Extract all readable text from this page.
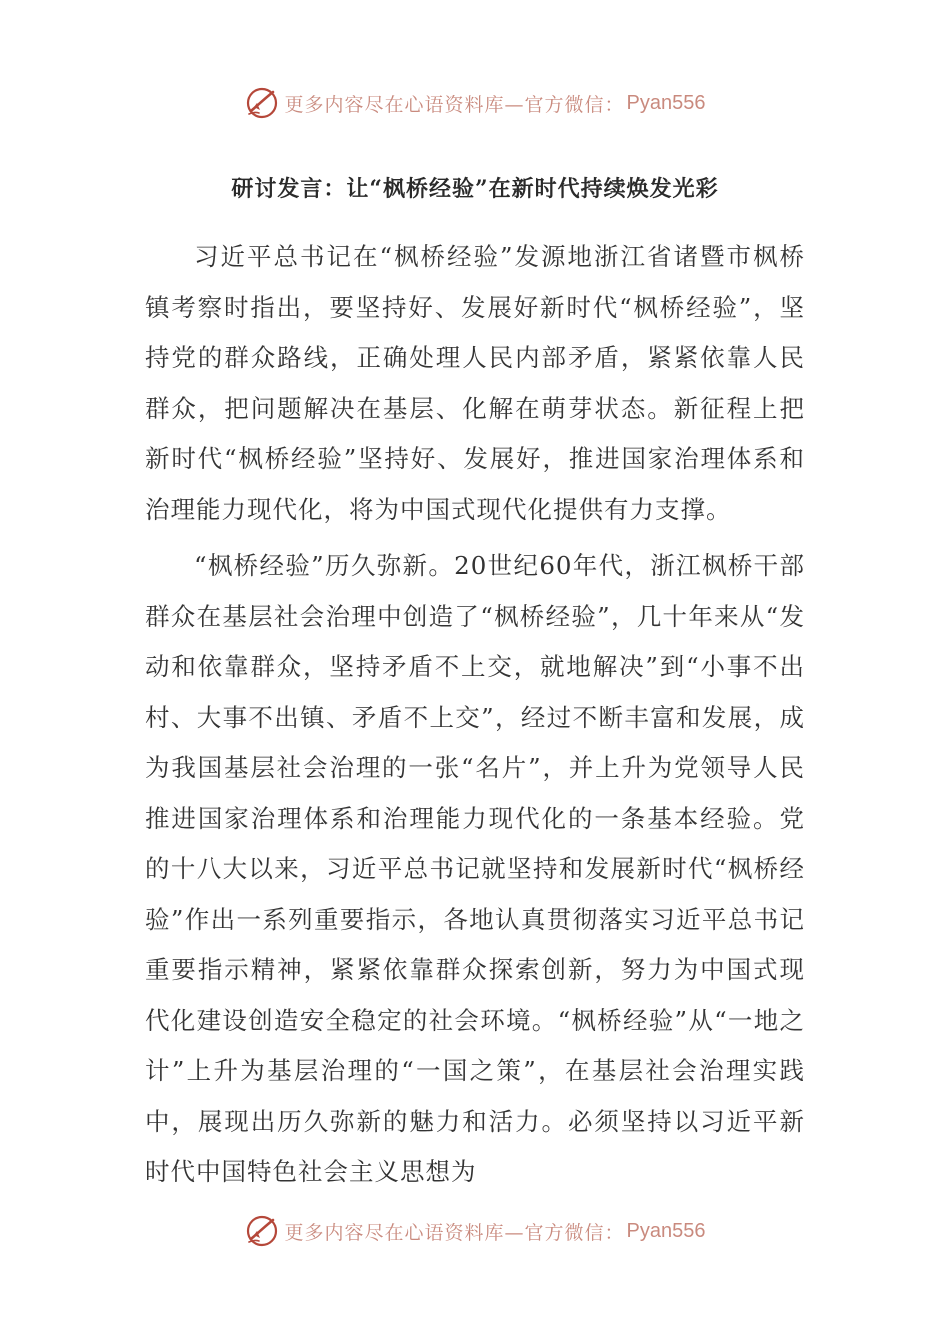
更多内容尽在心语资料库—官方微信： Pyan556
研讨发言：让“枫桥经验”在新时代持续焕发光彩

习近平总书记在“枫桥经验”发源地浙江省诸暨市枫桥镇考察时指出，要坚持好、发展好新时代“枫桥经验”，坚持党的群众路线，正确处理人民内部矛盾，紧紧依靠人民群众，把问题解决在基层、化解在萌芽状态。新征程上把新时代“枫桥经验”坚持好、发展好，推进国家治理体系和治理能力现代化，将为中国式现代化提供有力支撑。

“枫桥经验”历久弥新。20世纪60年代，浙江枫桥干部群众在基层社会治理中创造了“枫桥经验”，几十年来从“发动和依靠群众，坚持矛盾不上交，就地解决”到“小事不出村、大事不出镇、矛盾不上交”，经过不断丰富和发展，成为我国基层社会治理的一张“名片”，并上升为党领导人民推进国家治理体系和治理能力现代化的一条基本经验。党的十八大以来，习近平总书记就坚持和发展新时代“枫桥经验”作出一系列重要指示，各地认真贯彻落实习近平总书记重要指示精神，紧紧依靠群众探索创新，努力为中国式现代化建设创造安全稳定的社会环境。“枫桥经验”从“一地之计”上升为基层治理的“一国之策”，在基层社会治理实践中，展现出历久弥新的魅力和活力。必须坚持以习近平新时代中国特色社会主义思想为

更多内容尽在心语资料库—官方微信： Pyan556
